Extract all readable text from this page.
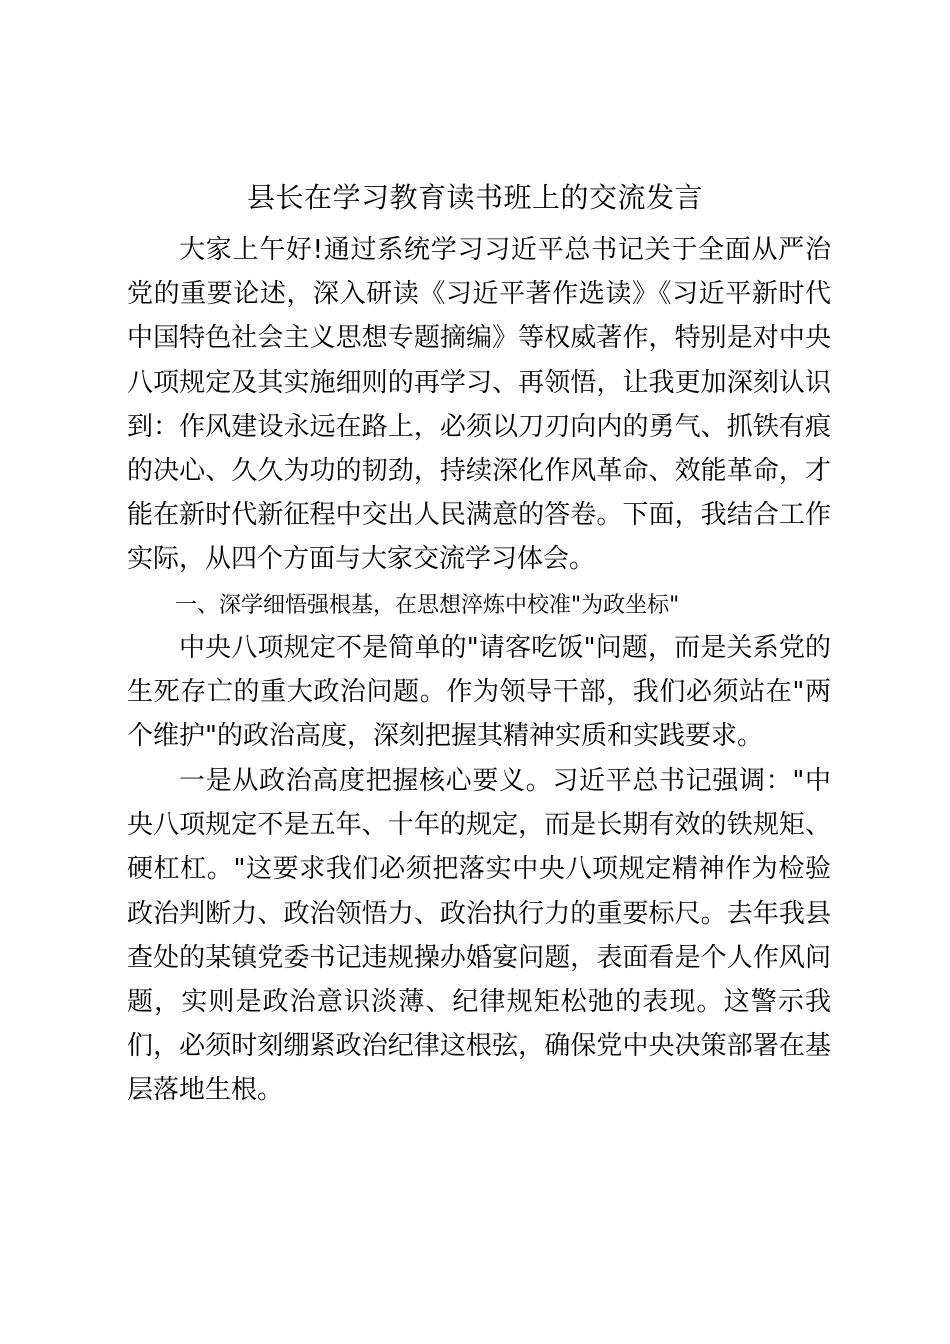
县长在学习教育读书班上的交流发言

大家上午好!通过系统学习习近平总书记关于全面从严治党的重要论述，深入研读《习近平著作选读》《习近平新时代中国特色社会主义思想专题摘编》等权威著作，特别是对中央八项规定及其实施细则的再学习、再领悟，让我更加深刻认识到：作风建设永远在路上，必须以刀刃向内的勇气、抓铁有痕的决心、久久为功的韧劲，持续深化作风革命、效能革命，才能在新时代新征程中交出人民满意的答卷。下面，我结合工作实际，从四个方面与大家交流学习体会。

一、深学细悟强根基，在思想淬炼中校准"为政坐标"

中央八项规定不是简单的"请客吃饭"问题，而是关系党的生死存亡的重大政治问题。作为领导干部，我们必须站在"两个维护"的政治高度，深刻把握其精神实质和实践要求。

一是从政治高度把握核心要义。习近平总书记强调："中央八项规定不是五年、十年的规定，而是长期有效的铁规矩、硬杠杠。"这要求我们必须把落实中央八项规定精神作为检验政治判断力、政治领悟力、政治执行力的重要标尺。去年我县查处的某镇党委书记违规操办婚宴问题，表面看是个人作风问题，实则是政治意识淡薄、纪律规矩松弛的表现。这警示我们，必须时刻绷紧政治纪律这根弦，确保党中央决策部署在基层落地生根。
